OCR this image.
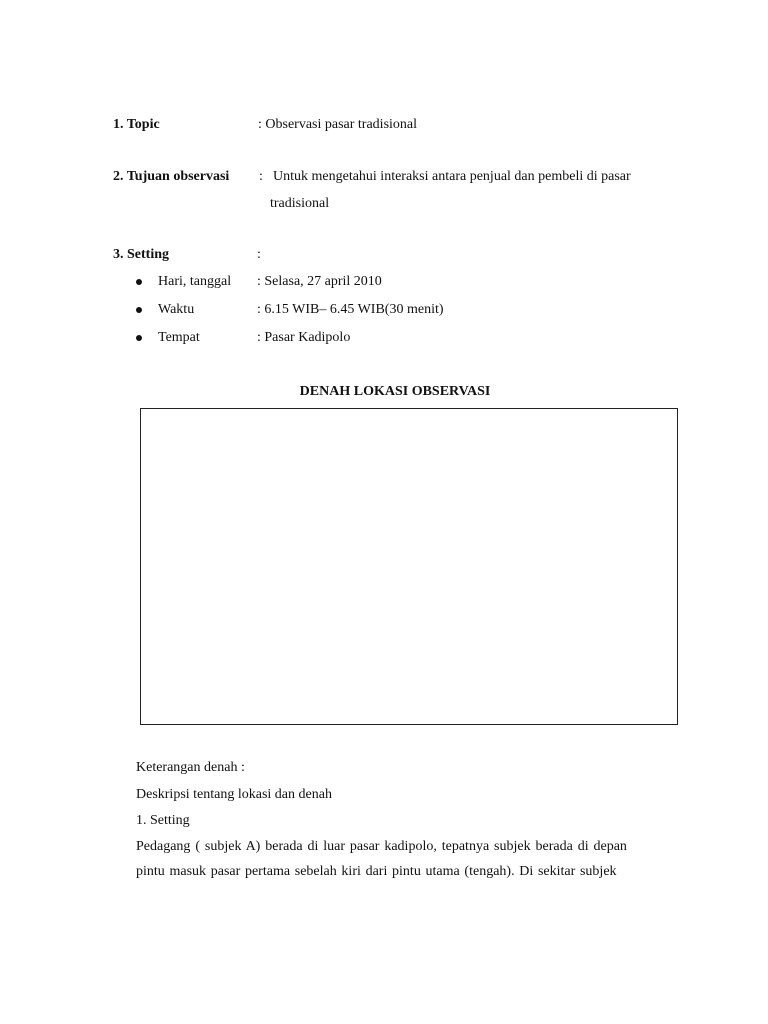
1. Topic	: Observasi pasar tradisional
2. Tujuan observasi : Untuk mengetahui interaksi antara penjual dan pembeli di pasar
tradisional
3. Setting	:
Hari, tanggal : Selasa, 27 april 2010
Waktu	: 6.15 WIB– 6.45 WIB(30 menit)
Tempat	: Pasar Kadipolo
DENAH LOKASI OBSERVASI
Keterangan denah :
Deskripsi tentang lokasi dan denah
1. Setting
Pedagang ( subjek A) berada di luar pasar kadipolo, tepatnya subjek berada di depan
pintu masuk pasar pertama sebelah kiri dari pintu utama (tengah). Di sekitar subjek
